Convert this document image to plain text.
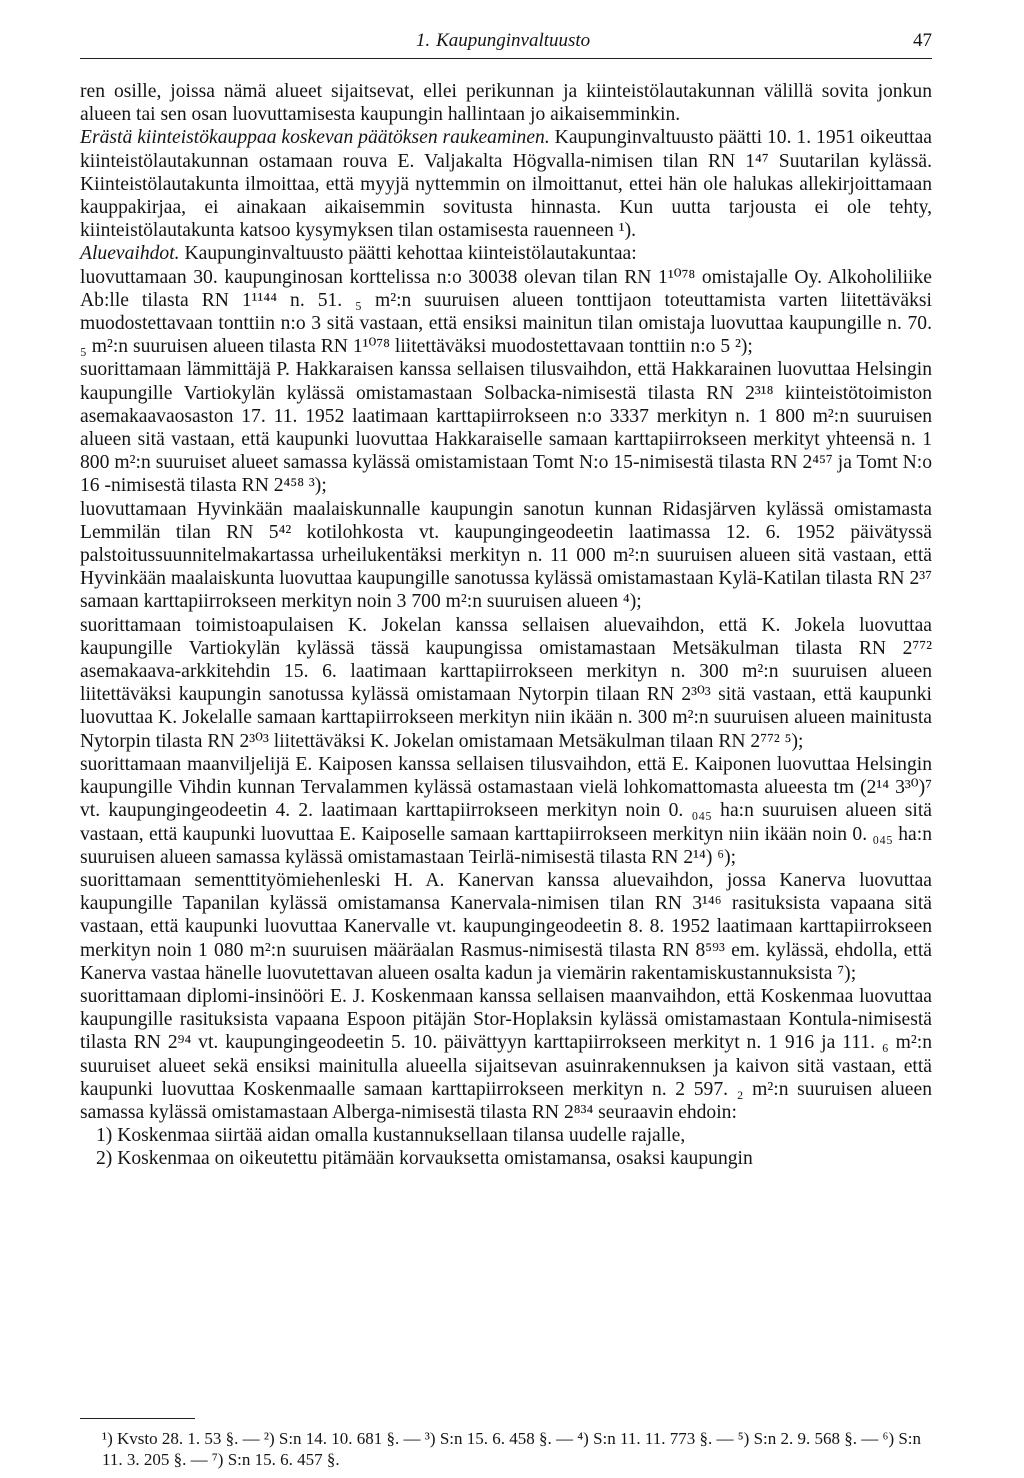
1. Kaupunginvaltuusto	47

ren osille, joissa nämä alueet sijaitsevat, ellei perikunnan ja kiinteistölautakunnan välillä sovita jonkun alueen tai sen osan luovuttamisesta kaupungin hallintaan jo aikaisemminkin.

Erästä kiinteistökauppaa koskevan päätöksen raukeaminen. Kaupunginvaltuusto päätti 10. 1. 1951 oikeuttaa kiinteistölautakunnan ostamaan rouva E. Valjakalta Högvalla-nimisen tilan RN 1⁴⁷ Suutarilan kylässä. Kiinteistölautakunta ilmoittaa, että myyjä nyttemmin on ilmoittanut, ettei hän ole halukas allekirjoittamaan kauppakirjaa, ei ainakaan aikaisemmin sovitusta hinnasta. Kun uutta tarjousta ei ole tehty, kiinteistölautakunta katsoo kysymyksen tilan ostamisesta rauenneen ¹).

Aluevaihdot. Kaupunginvaltuusto päätti kehottaa kiinteistölautakuntaa:

luovuttamaan 30. kaupunginosan korttelissa n:o 30038 olevan tilan RN 1¹⁰⁷⁸ omistajalle Oy. Alkoholiliike Ab:lle tilasta RN 1¹¹⁴⁴ n. 51. ₅ m²:n suuruisen alueen tonttijaon toteuttamista varten liitettäväksi muodostettavaan tonttiin n:o 3 sitä vastaan, että ensiksi mainitun tilan omistaja luovuttaa kaupungille n. 70. ₅ m²:n suuruisen alueen tilasta RN 1¹⁰⁷⁸ liitettäväksi muodostettavaan tonttiin n:o 5 ²);

suorittamaan lämmittäjä P. Hakkaraisen kanssa sellaisen tilusvaihdon, että Hakkarainen luovuttaa Helsingin kaupungille Vartiokylän kylässä omistamastaan Solbacka-nimisestä tilasta RN 2³¹⁸ kiinteistötoimiston asemakaavaosaston 17. 11. 1952 laatimaan karttapiirrokseen n:o 3337 merkityn n. 1 800 m²:n suuruisen alueen sitä vastaan, että kaupunki luovuttaa Hakkaraiselle samaan karttapiirrokseen merkityt yhteensä n. 1 800 m²:n suuruiset alueet samassa kylässä omistamistaan Tomt N:o 15-nimisestä tilasta RN 2⁴⁵⁷ ja Tomt N:o 16 -nimisestä tilasta RN 2⁴⁵⁸ ³);

luovuttamaan Hyvinkään maalaiskunnalle kaupungin sanotun kunnan Ridasjärven kylässä omistamasta Lemmilän tilan RN 5⁴² kotilohkosta vt. kaupungingeodeetin laatimassa 12. 6. 1952 päivätyssä palstoitussuunnitelmakartassa urheilukentäksi merkityn n. 11 000 m²:n suuruisen alueen sitä vastaan, että Hyvinkään maalaiskunta luovuttaa kaupungille sanotussa kylässä omistamastaan Kylä-Katilan tilasta RN 2³⁷ samaan karttapiirrokseen merkityn noin 3 700 m²:n suuruisen alueen ⁴);

suorittamaan toimistoapulaisen K. Jokelan kanssa sellaisen aluevaihdon, että K. Jokela luovuttaa kaupungille Vartiokylän kylässä tässä kaupungissa omistamastaan Metsäkulman tilasta RN 2⁷⁷² asemakaava-arkkitehdin 15. 6. laatimaan karttapiirrokseen merkityn n. 300 m²:n suuruisen alueen liitettäväksi kaupungin sanotussa kylässä omistamaan Nytorpin tilaan RN 2³⁰³ sitä vastaan, että kaupunki luovuttaa K. Jokelalle samaan karttapiirrokseen merkityn niin ikään n. 300 m²:n suuruisen alueen mainitusta Nytorpin tilasta RN 2³⁰³ liitettäväksi K. Jokelan omistamaan Metsäkulman tilaan RN 2⁷⁷² ⁵);

suorittamaan maanviljelijä E. Kaiposen kanssa sellaisen tilusvaihdon, että E. Kaiponen luovuttaa Helsingin kaupungille Vihdin kunnan Tervalammen kylässä ostamastaan vielä lohkomattomasta alueesta tm (2¹⁴ 3³⁰)⁷ vt. kaupungingeodeetin 4. 2. laatimaan karttapiirrokseen merkityn noin 0. ₀₄₅ ha:n suuruisen alueen sitä vastaan, että kaupunki luovuttaa E. Kaiposelle samaan karttapiirrokseen merkityn niin ikään noin 0. ₀₄₅ ha:n suuruisen alueen samassa kylässä omistamastaan Teirlä-nimisestä tilasta RN 2¹⁴) ⁶);

suorittamaan sementtityömiehenleski H. A. Kanervan kanssa aluevaihdon, jossa Kanerva luovuttaa kaupungille Tapanilan kylässä omistamansa Kanervala-nimisen tilan RN 3¹⁴⁶ rasituksista vapaana sitä vastaan, että kaupunki luovuttaa Kanervalle vt. kaupungingeodeetin 8. 8. 1952 laatimaan karttapiirrokseen merkityn noin 1 080 m²:n suuruisen määräalan Rasmus-nimisestä tilasta RN 8⁵⁹³ em. kylässä, ehdolla, että Kanerva vastaa hänelle luovutettavan alueen osalta kadun ja viemärin rakentamiskustannuksista ⁷);

suorittamaan diplomi-insinööri E. J. Koskenmaan kanssa sellaisen maanvaihdon, että Koskenmaa luovuttaa kaupungille rasituksista vapaana Espoon pitäjän Stor-Hoplaksin kylässä omistamastaan Kontula-nimisestä tilasta RN 2⁹⁴ vt. kaupungingeodeetin 5. 10. päivättyyn karttapiirrokseen merkityt n. 1 916 ja 111. ₆ m²:n suuruiset alueet sekä ensiksi mainitulla alueella sijaitsevan asuinrakennuksen ja kaivon sitä vastaan, että kaupunki luovuttaa Koskenmaalle samaan karttapiirrokseen merkityn n. 2 597. ₂ m²:n suuruisen alueen samassa kylässä omistamastaan Alberga-nimisestä tilasta RN 2⁸³⁴ seuraavin ehdoin:

1) Koskenmaa siirtää aidan omalla kustannuksellaan tilansa uudelle rajalle,

2) Koskenmaa on oikeutettu pitämään korvauksetta omistamansa, osaksi kaupungin

¹) Kvsto 28. 1. 53 §. — ²) S:n 14. 10. 681 §. — ³) S:n 15. 6. 458 §. — ⁴) S:n 11. 11. 773 §. — ⁵) S:n 2. 9. 568 §. — ⁶) S:n 11. 3. 205 §. — ⁷) S:n 15. 6. 457 §.
